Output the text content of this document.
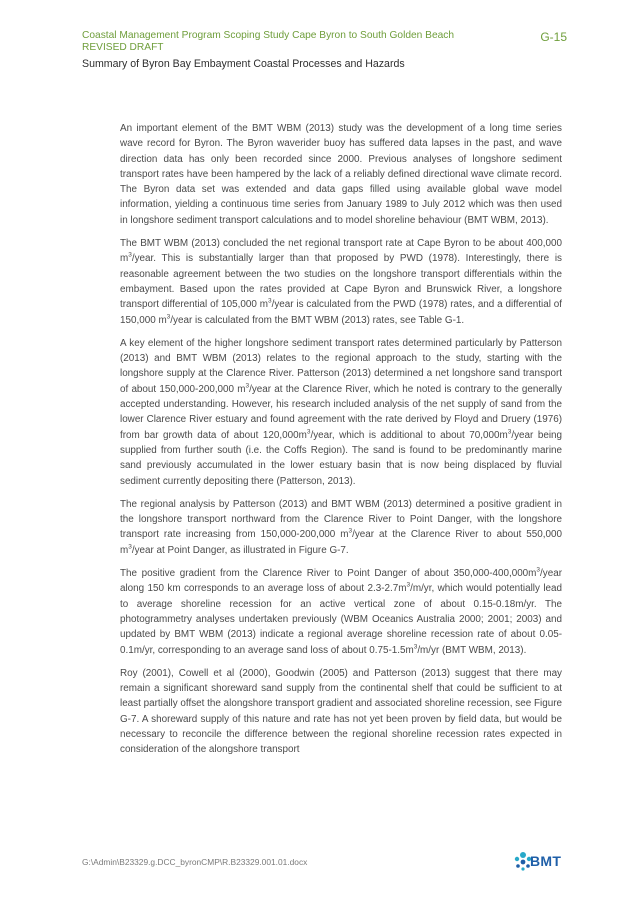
Coastal Management Program Scoping Study Cape Byron to South Golden Beach
REVISED DRAFT
Summary of Byron Bay Embayment Coastal Processes and Hazards
G-15

An important element of the BMT WBM (2013) study was the development of a long time series wave record for Byron. The Byron waverider buoy has suffered data lapses in the past, and wave direction data has only been recorded since 2000. Previous analyses of longshore sediment transport rates have been hampered by the lack of a reliably defined directional wave climate record. The Byron data set was extended and data gaps filled using available global wave model information, yielding a continuous time series from January 1989 to July 2012 which was then used in longshore sediment transport calculations and to model shoreline behaviour (BMT WBM, 2013).

The BMT WBM (2013) concluded the net regional transport rate at Cape Byron to be about 400,000 $m^3$/year. This is substantially larger than that proposed by PWD (1978). Interestingly, there is reasonable agreement between the two studies on the longshore transport differentials within the embayment. Based upon the rates provided at Cape Byron and Brunswick River, a longshore transport differential of 105,000 $m^3$/year is calculated from the PWD (1978) rates, and a differential of 150,000 $m^3$/year is calculated from the BMT WBM (2013) rates, see Table G-1.

A key element of the higher longshore sediment transport rates determined particularly by Patterson (2013) and BMT WBM (2013) relates to the regional approach to the study, starting with the longshore supply at the Clarence River. Patterson (2013) determined a net longshore sand transport of about 150,000-200,000 $m^3$/year at the Clarence River, which he noted is contrary to the generally accepted understanding. However, his research included analysis of the net supply of sand from the lower Clarence River estuary and found agreement with the rate derived by Floyd and Druery (1976) from bar growth data of about $120,000m^3$/year, which is additional to about $70,000m^3$/year being supplied from further south (i.e. the Coffs Region). The sand is found to be predominantly marine sand previously accumulated in the lower estuary basin that is now being displaced by fluvial sediment currently depositing there (Patterson, 2013).

The regional analysis by Patterson (2013) and BMT WBM (2013) determined a positive gradient in the longshore transport northward from the Clarence River to Point Danger, with the longshore transport rate increasing from 150,000-200,000 $m^3$/year at the Clarence River to about 550,000 $m^3$/year at Point Danger, as illustrated in Figure G-7.

The positive gradient from the Clarence River to Point Danger of about $350,000-400,000m^3$/year along 150 km corresponds to an average loss of about $2.3-2.7m^3/m/yr$, which would potentially lead to average shoreline recession for an active vertical zone of about 0.15-0.18m/yr. The photogrammetry analyses undertaken previously (WBM Oceanics Australia 2000; 2001; 2003) and updated by BMT WBM (2013) indicate a regional average shoreline recession rate of about 0.05-0.1m/yr, corresponding to an average sand loss of about $0.75-1.5m^3/m/yr$ (BMT WBM, 2013).

Roy (2001), Cowell et al (2000), Goodwin (2005) and Patterson (2013) suggest that there may remain a significant shoreward sand supply from the continental shelf that could be sufficient to at least partially offset the alongshore transport gradient and associated shoreline recession, see Figure G-7. A shoreward supply of this nature and rate has not yet been proven by field data, but would be necessary to reconcile the difference between the regional shoreline recession rates expected in consideration of the alongshore transport

G:\Admin\B23329.g.DCC_byronCMP\R.B23329.001.01.docx	BMT
